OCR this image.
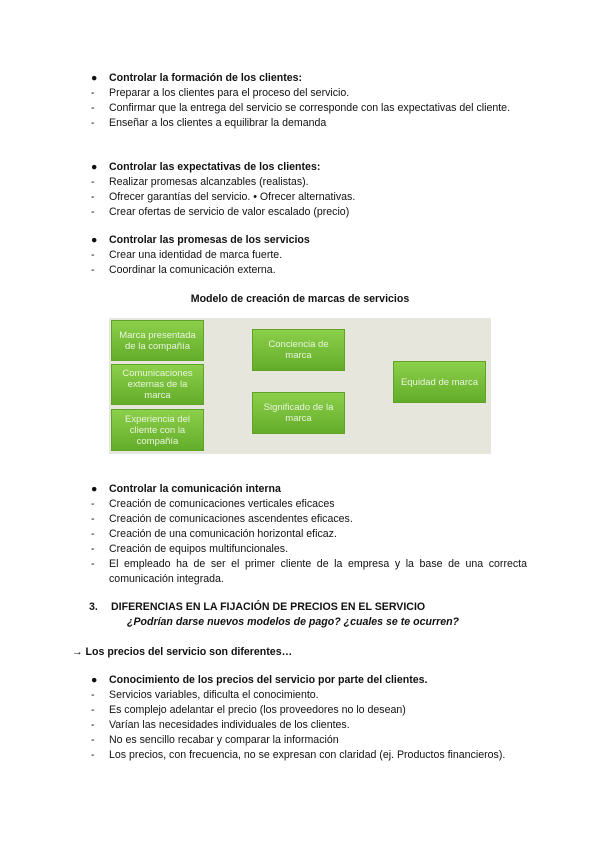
● Controlar la formación de los clientes:
- Preparar a los clientes para el proceso del servicio.
- Confirmar que la entrega del servicio se corresponde con las expectativas del cliente.
- Enseñar a los clientes a equilibrar la demanda
● Controlar las expectativas de los clientes:
- Realizar promesas alcanzables (realistas).
- Ofrecer garantías del servicio. • Ofrecer alternativas.
- Crear ofertas de servicio de valor escalado (precio)
● Controlar las promesas de los servicios
- Crear una identidad de marca fuerte.
- Coordinar la comunicación externa.
Modelo de creación de marcas de servicios
Marca presentada de la compañía
Comunicaciones externas de la marca
Experiencia del cliente con la compañía
Conciencia de marca
Significado de la marca
Equidad de marca
● Controlar la comunicación interna
- Creación de comunicaciones verticales eficaces
- Creación de comunicaciones ascendentes eficaces.
- Creación de una comunicación horizontal eficaz.
- Creación de equipos multifuncionales.
- El empleado ha de ser el primer cliente de la empresa y la base de una correcta comunicación integrada.
3. DIFERENCIAS EN LA FIJACIÓN DE PRECIOS EN EL SERVICIO
¿Podrían darse nuevos modelos de pago? ¿cuales se te ocurren?
→ Los precios del servicio son diferentes…
● Conocimiento de los precios del servicio por parte del clientes.
- Servicios variables, dificulta el conocimiento.
- Es complejo adelantar el precio (los proveedores no lo desean)
- Varían las necesidades individuales de los clientes.
- No es sencillo recabar y comparar la información
- Los precios, con frecuencia, no se expresan con claridad (ej. Productos financieros).
